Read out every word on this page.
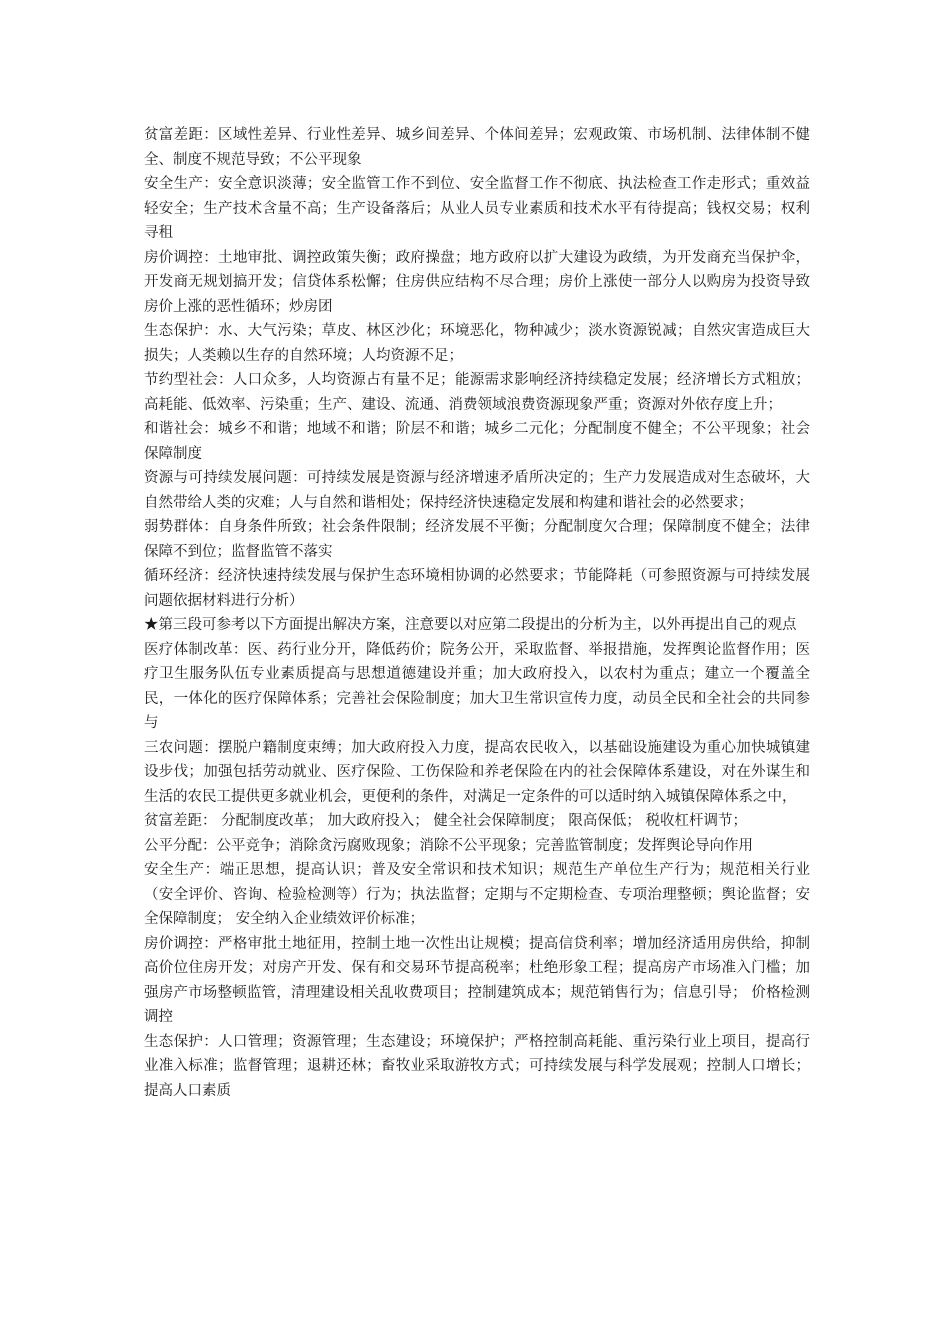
贫富差距：区域性差异、行业性差异、城乡间差异、个体间差异；宏观政策、市场机制、法律体制不健全、制度不规范导致；不公平现象

安全生产：安全意识淡薄；安全监管工作不到位、安全监督工作不彻底、执法检查工作走形式；重效益轻安全；生产技术含量不高；生产设备落后；从业人员专业素质和技术水平有待提高；钱权交易；权利寻租

房价调控：土地审批、调控政策失衡；政府操盘；地方政府以扩大建设为政绩，为开发商充当保护伞，开发商无规划搞开发；信贷体系松懈；住房供应结构不尽合理；房价上涨使一部分人以购房为投资导致房价上涨的恶性循环；炒房团

生态保护：水、大气污染；草皮、林区沙化；环境恶化，物种减少；淡水资源锐减；自然灾害造成巨大损失；人类赖以生存的自然环境；人均资源不足；

节约型社会：人口众多，人均资源占有量不足；能源需求影响经济持续稳定发展；经济增长方式粗放；高耗能、低效率、污染重；生产、建设、流通、消费领域浪费资源现象严重；资源对外依存度上升；

和谐社会：城乡不和谐；地域不和谐；阶层不和谐；城乡二元化；分配制度不健全；不公平现象；社会保障制度

资源与可持续发展问题：可持续发展是资源与经济增速矛盾所决定的；生产力发展造成对生态破坏，大自然带给人类的灾难；人与自然和谐相处；保持经济快速稳定发展和构建和谐社会的必然要求；

弱势群体：自身条件所致；社会条件限制；经济发展不平衡；分配制度欠合理；保障制度不健全；法律保障不到位；监督监管不落实

循环经济：经济快速持续发展与保护生态环境相协调的必然要求；节能降耗（可参照资源与可持续发展问题依据材料进行分析）

★第三段可参考以下方面提出解决方案，注意要以对应第二段提出的分析为主，以外再提出自己的观点

医疗体制改革：医、药行业分开，降低药价；院务公开，采取监督、举报措施，发挥舆论监督作用；医疗卫生服务队伍专业素质提高与思想道德建设并重；加大政府投入，以农村为重点；建立一个覆盖全民，一体化的医疗保障体系；完善社会保险制度；加大卫生常识宣传力度，动员全民和全社会的共同参与

三农问题：摆脱户籍制度束缚；加大政府投入力度，提高农民收入，以基础设施建设为重心加快城镇建设步伐；加强包括劳动就业、医疗保险、工伤保险和养老保险在内的社会保障体系建设，对在外谋生和生活的农民工提供更多就业机会，更便利的条件，对满足一定条件的可以适时纳入城镇保障体系之中，

贫富差距： 分配制度改革； 加大政府投入； 健全社会保障制度； 限高保低； 税收杠杆调节；

公平分配：公平竞争；消除贪污腐败现象；消除不公平现象；完善监管制度；发挥舆论导向作用

安全生产：端正思想，提高认识；普及安全常识和技术知识；规范生产单位生产行为；规范相关行业（安全评价、咨询、检验检测等）行为；执法监督；定期与不定期检查、专项治理整顿；舆论监督；安全保障制度； 安全纳入企业绩效评价标准；

房价调控：严格审批土地征用，控制土地一次性出让规模；提高信贷利率；增加经济适用房供给，抑制高价位住房开发；对房产开发、保有和交易环节提高税率；杜绝形象工程；提高房产市场准入门槛；加强房产市场整顿监管，清理建设相关乱收费项目；控制建筑成本；规范销售行为；信息引导； 价格检测调控

生态保护：人口管理；资源管理；生态建设；环境保护；严格控制高耗能、重污染行业上项目，提高行业准入标准；监督管理；退耕还林；畜牧业采取游牧方式；可持续发展与科学发展观；控制人口增长；提高人口素质
